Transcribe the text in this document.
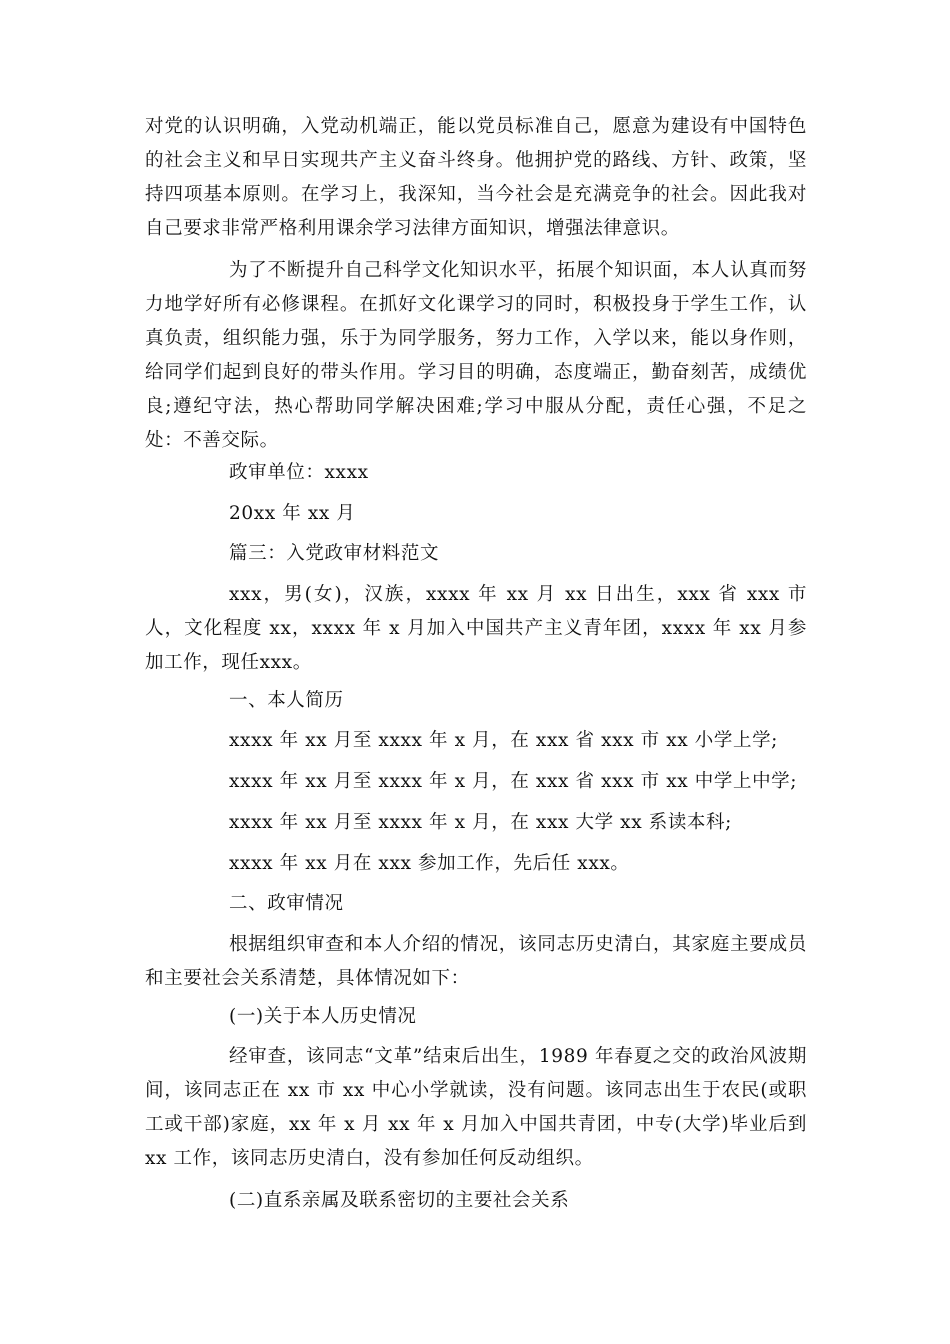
对党的认识明确，入党动机端正，能以党员标准自己，愿意为建设有中国特色的社会主义和早日实现共产主义奋斗终身。他拥护党的路线、方针、政策，坚持四项基本原则。在学习上，我深知，当今社会是充满竞争的社会。因此我对自己要求非常严格利用课余学习法律方面知识，增强法律意识。

为了不断提升自己科学文化知识水平，拓展个知识面，本人认真而努力地学好所有必修课程。在抓好文化课学习的同时，积极投身于学生工作，认真负责，组织能力强，乐于为同学服务，努力工作，入学以来，能以身作则，给同学们起到良好的带头作用。学习目的明确，态度端正，勤奋刻苦，成绩优良;遵纪守法，热心帮助同学解决困难;学习中服从分配，责任心强，不足之处：不善交际。

政审单位：xxxx

20xx 年 xx 月

篇三：入党政审材料范文

xxx，男(女)，汉族，xxxx 年 xx 月 xx 日出生，xxx 省 xxx 市人，文化程度 xx，xxxx 年 x 月加入中国共产主义青年团，xxxx 年 xx 月参加工作，现任xxx。

一、本人简历

xxxx 年 xx 月至 xxxx 年 x 月，在 xxx 省 xxx 市 xx 小学上学;

xxxx 年 xx 月至 xxxx 年 x 月，在 xxx 省 xxx 市 xx 中学上中学;

xxxx 年 xx 月至 xxxx 年 x 月，在 xxx 大学 xx 系读本科;

xxxx 年 xx 月在 xxx 参加工作，先后任 xxx。

二、政审情况

根据组织审查和本人介绍的情况，该同志历史清白，其家庭主要成员和主要社会关系清楚，具体情况如下：

(一)关于本人历史情况

经审查，该同志“文革”结束后出生，1989 年春夏之交的政治风波期间，该同志正在 xx 市 xx 中心小学就读，没有问题。该同志出生于农民(或职工或干部)家庭，xx 年 x 月 xx 年 x 月加入中国共青团，中专(大学)毕业后到 xx 工作，该同志历史清白，没有参加任何反动组织。

(二)直系亲属及联系密切的主要社会关系
